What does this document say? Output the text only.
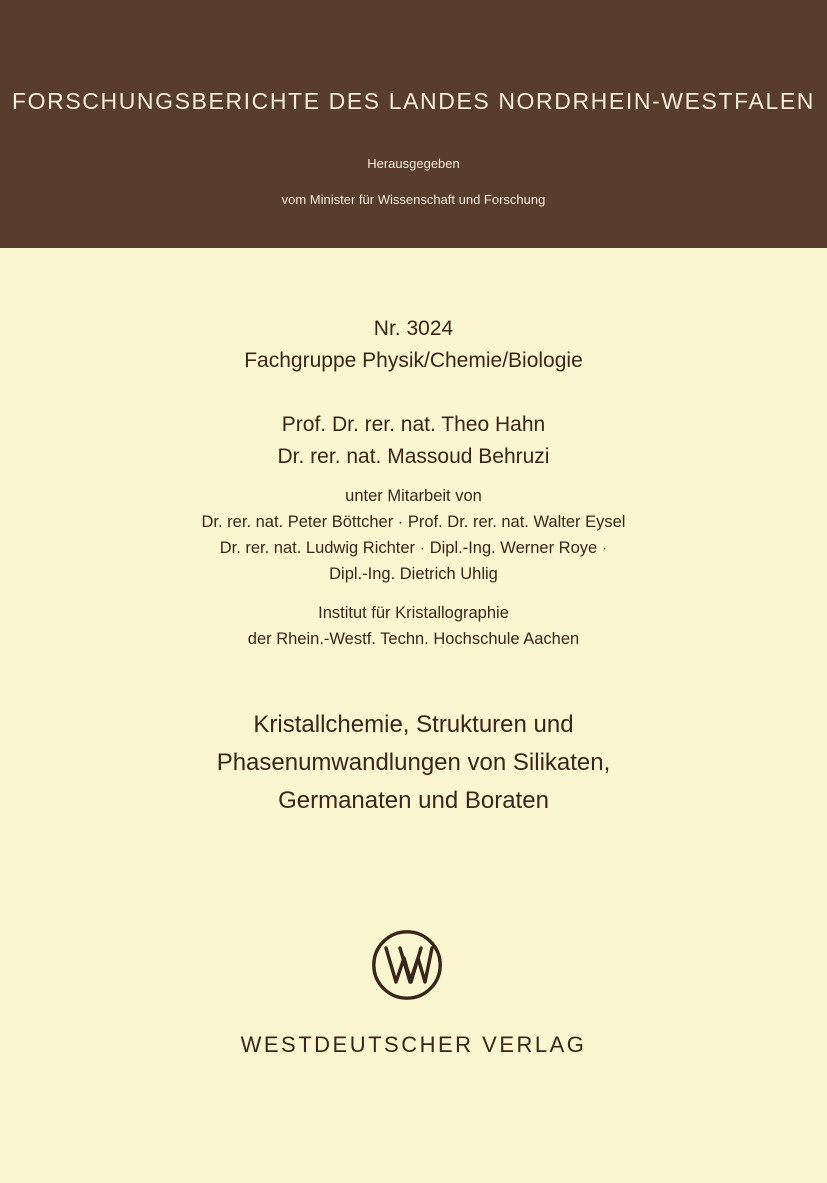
FORSCHUNGSBERICHTE DES LANDES NORDRHEIN-WESTFALEN
Herausgegeben
vom Minister für Wissenschaft und Forschung
Nr. 3024
Fachgruppe Physik/Chemie/Biologie
Prof. Dr. rer. nat. Theo Hahn
Dr. rer. nat. Massoud Behruzi
unter Mitarbeit von
Dr. rer. nat. Peter Böttcher · Prof. Dr. rer. nat. Walter Eysel
Dr. rer. nat. Ludwig Richter · Dipl.-Ing. Werner Roye ·
Dipl.-Ing. Dietrich Uhlig
Institut für Kristallographie
der Rhein.-Westf. Techn. Hochschule Aachen
Kristallchemie, Strukturen und
Phasenumwandlungen von Silikaten,
Germanaten und Boraten
WESTDEUTSCHER VERLAG
